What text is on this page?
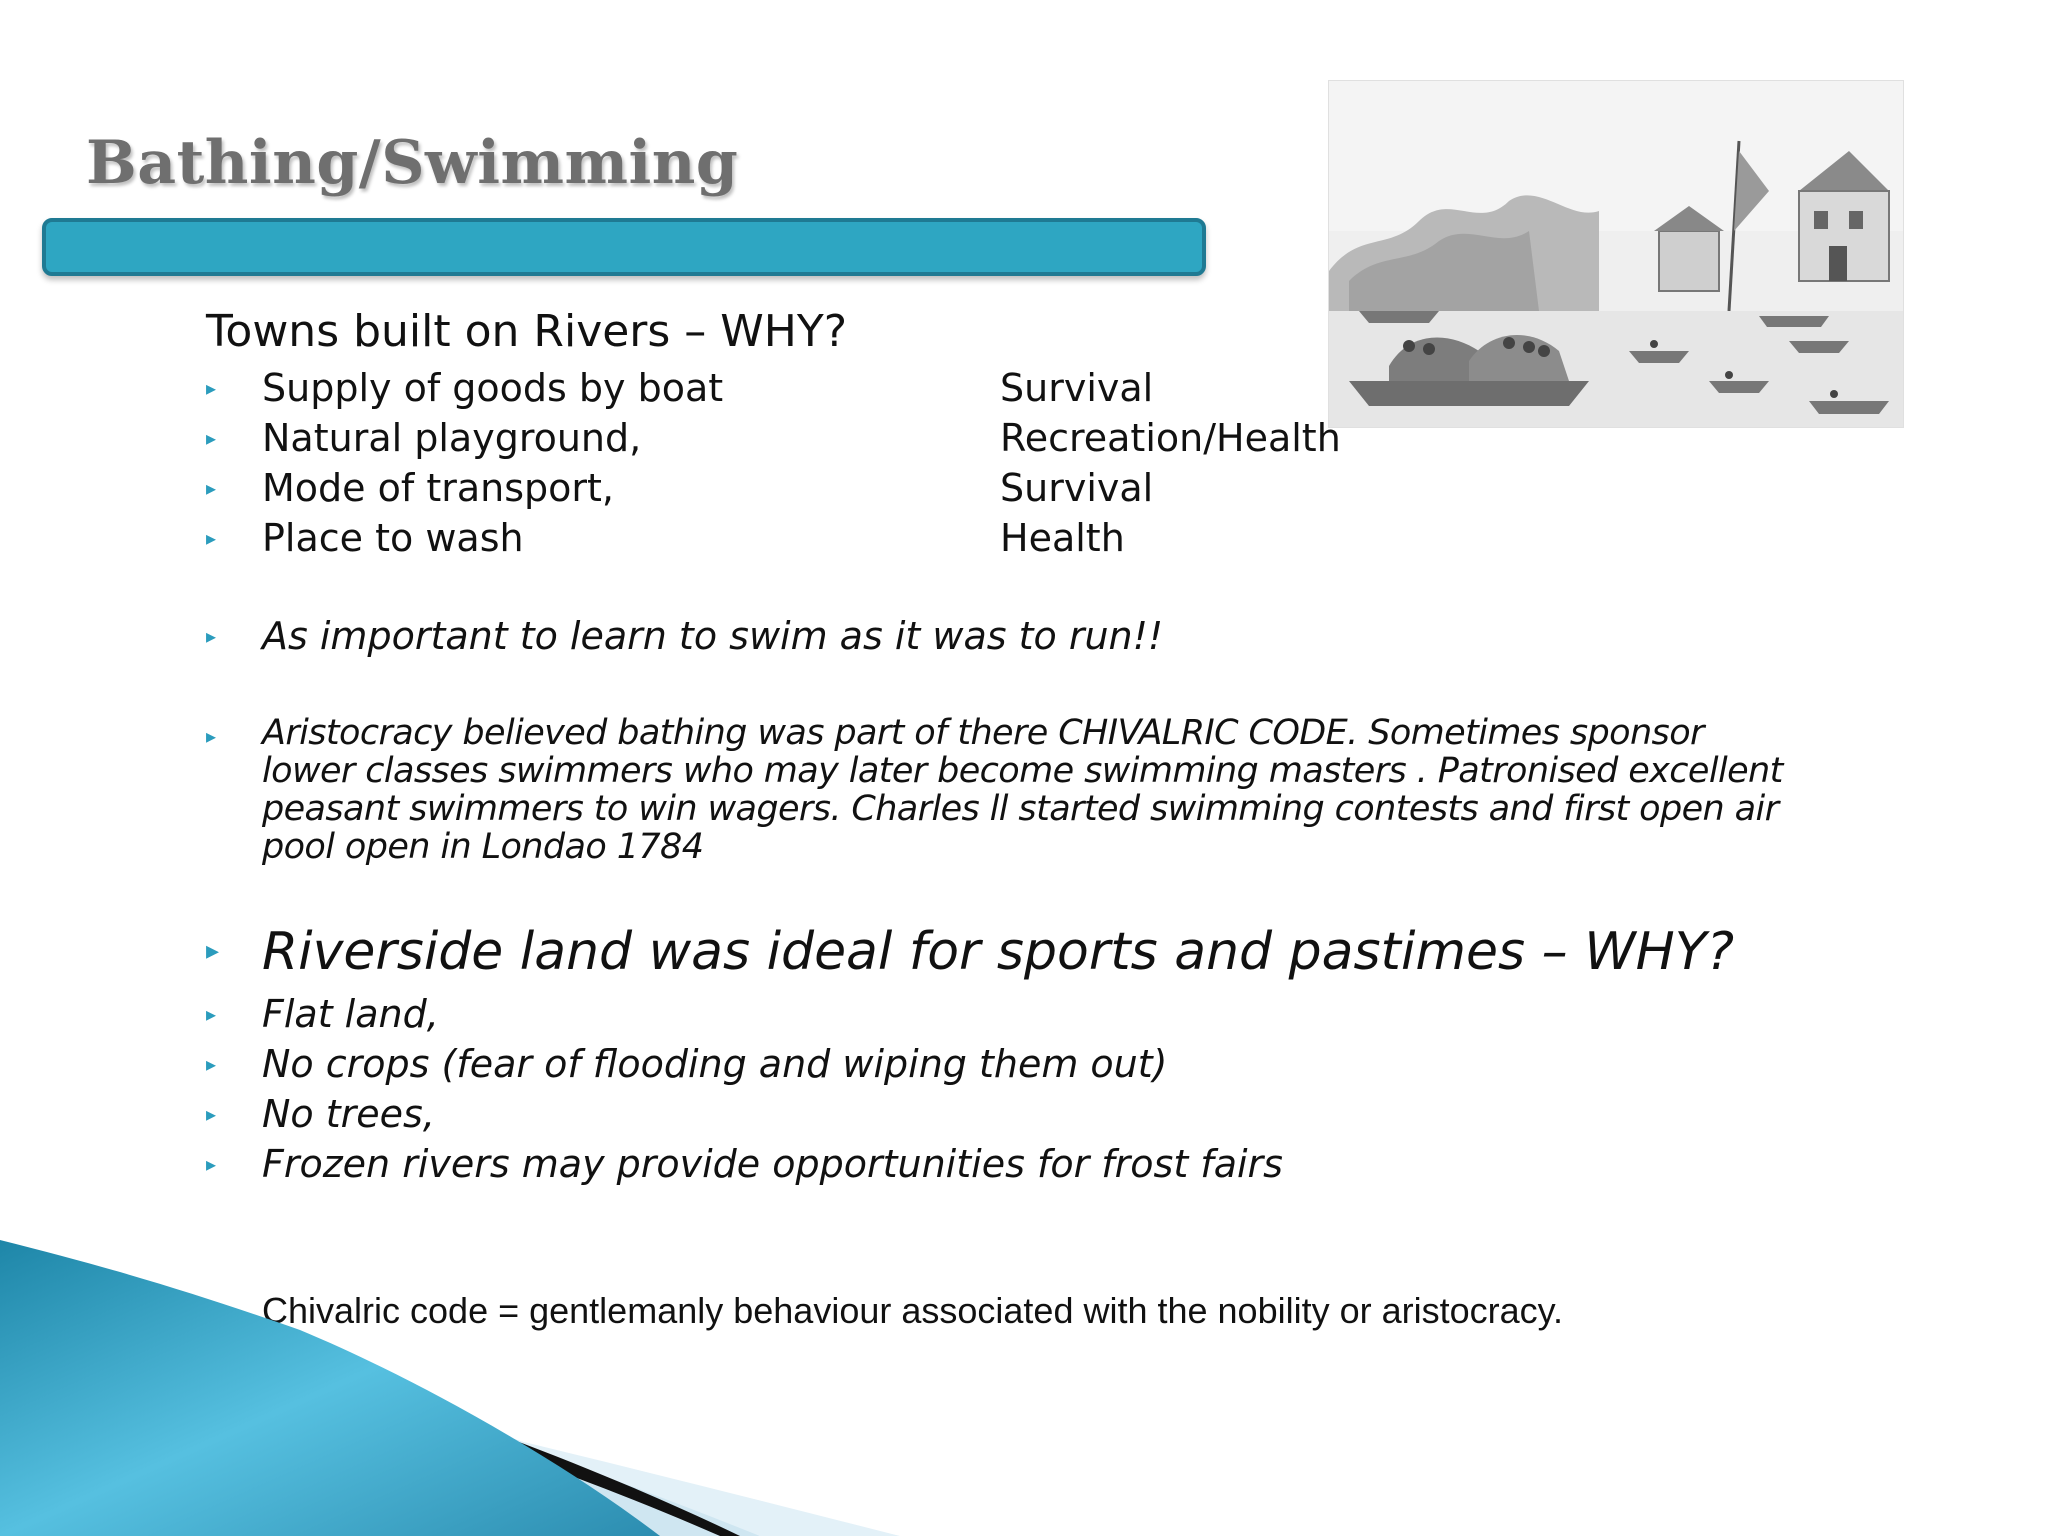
Bathing/Swimming
Towns built on Rivers – WHY?
▸ Supply of goods by boat	Survival
▸ Natural playground,	Recreation/Health
▸ Mode of transport,	Survival
▸ Place to wash	Health
▸ As important to learn to swim as it was to run!!
▸ Aristocracy believed bathing was part of there CHIVALRIC CODE. Sometimes sponsor
lower classes swimmers who may later become swimming masters . Patronised excellent
peasant swimmers to win wagers. Charles ll started swimming contests and first open air
pool open in Londao 1784
▸ Riverside land was ideal for sports and pastimes – WHY?
▸ Flat land,
▸ No crops (fear of flooding and wiping them out)
▸ No trees,
▸ Frozen rivers may provide opportunities for frost fairs
Chivalric code = gentlemanly behaviour associated with the nobility or aristocracy.
